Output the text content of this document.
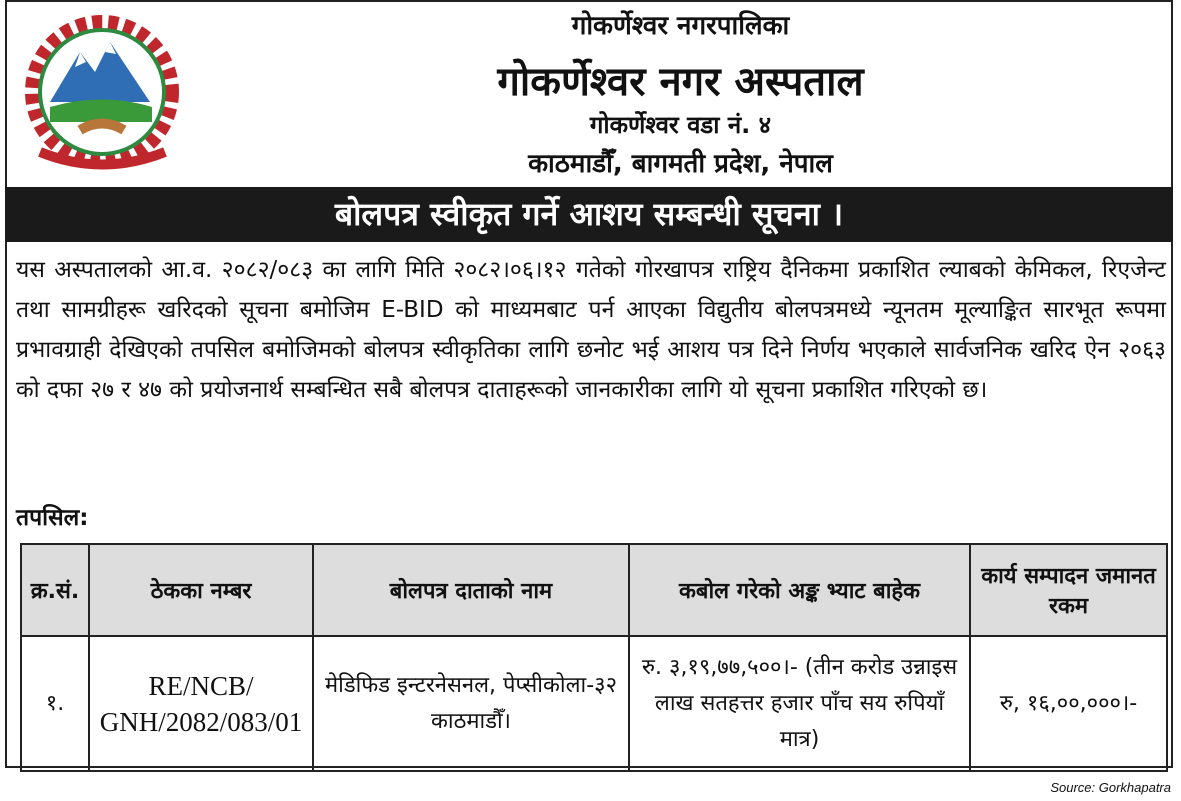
गोकर्णेश्वर नगरपालिका
गोकर्णेश्वर नगर अस्पताल
गोकर्णेश्वर वडा नं. ४
काठमाडौँ, बागमती प्रदेश, नेपाल
बोलपत्र स्वीकृत गर्ने आशय सम्बन्धी सूचना ।
यस अस्पतालको आ.व. २०८२/०८३ का लागि मिति २०८२।०६।१२ गतेको गोरखापत्र राष्ट्रिय दैनिकमा प्रकाशित ल्याबको केमिकल, रिएजेन्ट तथा सामग्रीहरू खरिदको सूचना बमोजिम E-BID को माध्यमबाट पर्न आएका विद्युतीय बोलपत्रमध्ये न्यूनतम मूल्याङ्कित सारभूत रूपमा प्रभावग्राही देखिएको तपसिल बमोजिमको बोलपत्र स्वीकृतिका लागि छनोट भई आशय पत्र दिने निर्णय भएकाले सार्वजनिक खरिद ऐन २०६३ को दफा २७ र ४७ को प्रयोजनार्थ सम्बन्धित सबै बोलपत्र दाताहरूको जानकारीका लागि यो सूचना प्रकाशित गरिएको छ।
तपसिल:
क्र.सं.	ठेकका नम्बर	बोलपत्र दाताको नाम	कबोल गरेको अङ्क भ्याट बाहेक	कार्य सम्पादन जमानत रकम
१.	RE/NCB/ GNH/2082/083/01	मेडिफिड इन्टरनेसनल, पेप्सीकोला-३२ काठमाडौँ।	रु. ३,१९,७७,५००।- (तीन करोड उन्नाइस लाख सतहत्तर हजार पाँच सय रुपियाँ मात्र)	रु, १६,००,०००।-
Source: Gorkhapatra
